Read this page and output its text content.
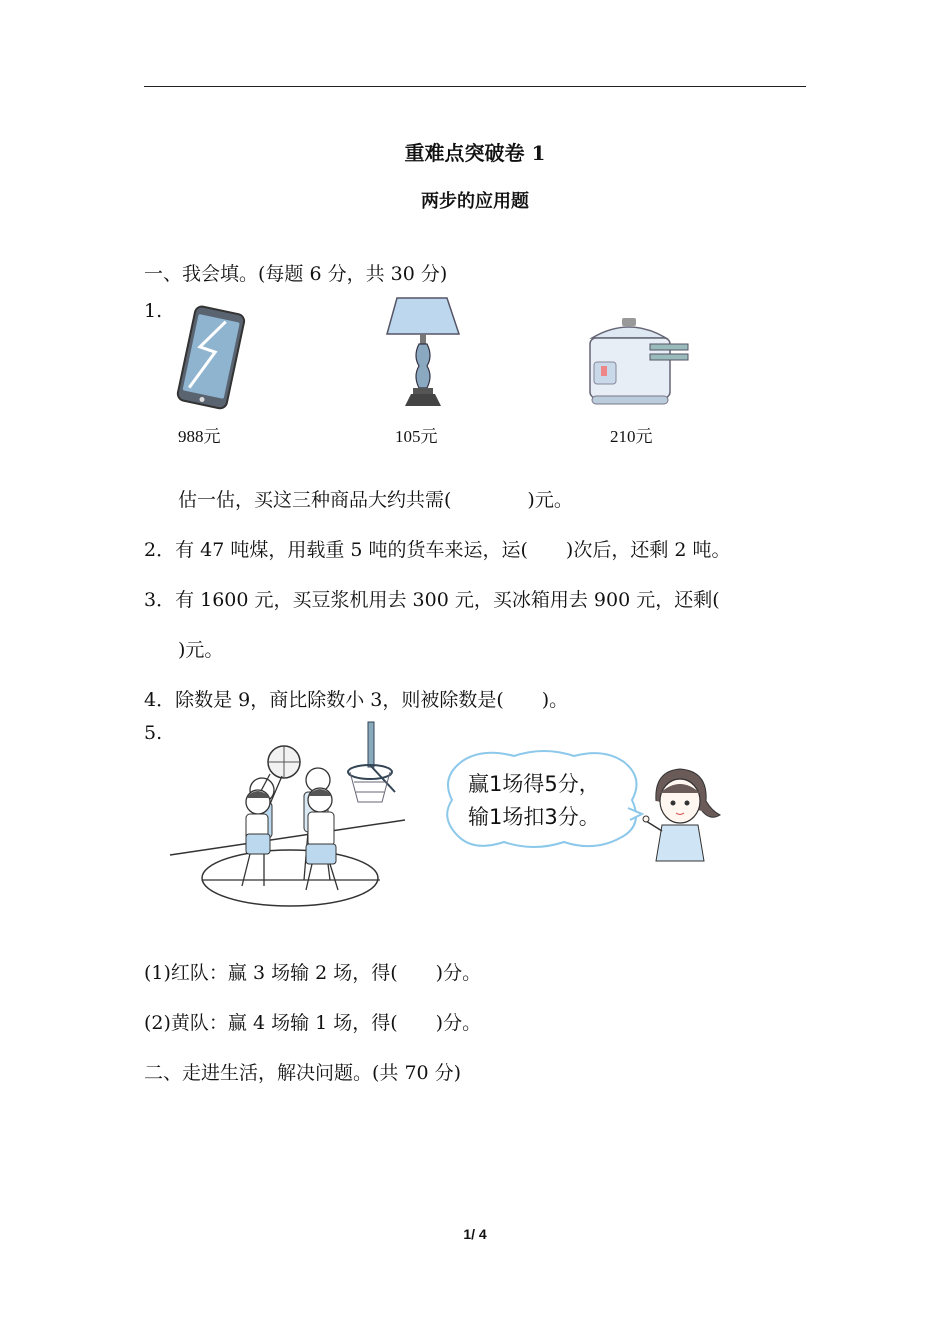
重难点突破卷 1
两步的应用题
一、我会填。(每题 6 分，共 30 分)
1.
988元	105元	210元
估一估，买这三种商品大约共需(　　　　)元。
2．有 47 吨煤，用载重 5 吨的货车来运，运(　　)次后，还剩 2 吨。
3．有 1600 元，买豆浆机用去 300 元，买冰箱用去 900 元，还剩(
)元。
4．除数是 9，商比除数小 3，则被除数是(　　)。
5.
赢1场得5分，
输1场扣3分。
(1)红队：赢 3 场输 2 场，得(　　)分。
(2)黄队：赢 4 场输 1 场，得(　　)分。
二、走进生活，解决问题。(共 70 分)
1/ 4
